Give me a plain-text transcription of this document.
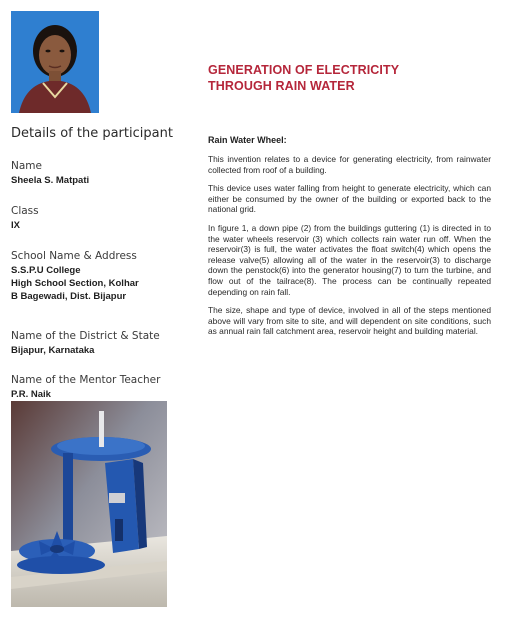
Details of the participant
Name
Sheela S. Matpati
Class
IX
School Name & Address
S.S.P.U College
High School Section, Kolhar
B Bagewadi, Dist. Bijapur
Name of the District & State
Bijapur, Karnataka
Name of the Mentor Teacher
P.R. Naik
GENERATION OF ELECTRICITY
THROUGH RAIN WATER
Rain Water Wheel:

This invention relates to a device for generating electricity, from rainwater collected from roof of a building.

This device uses water falling from height to generate electricity, which can either be consumed by the owner of the building or exported back to the national grid.

In figure 1, a down pipe (2) from the buildings guttering (1) is directed in to the water wheels reservoir (3) which collects rain water run off. When the reservoir(3) is full, the water activates the float switch(4) which opens the release valve(5) allowing all of the water in the reservoir(3) to discharge down the penstock(6) into the generator housing(7) to turn the turbine, and flow out of the tailrace(8). The process can be continually repeated depending on rain fall.

The size, shape and type of device, involved in all of the steps mentioned above will vary from site to site, and will dependent on site conditions, such as annual rain fall catchment area, reservoir height and building material.
